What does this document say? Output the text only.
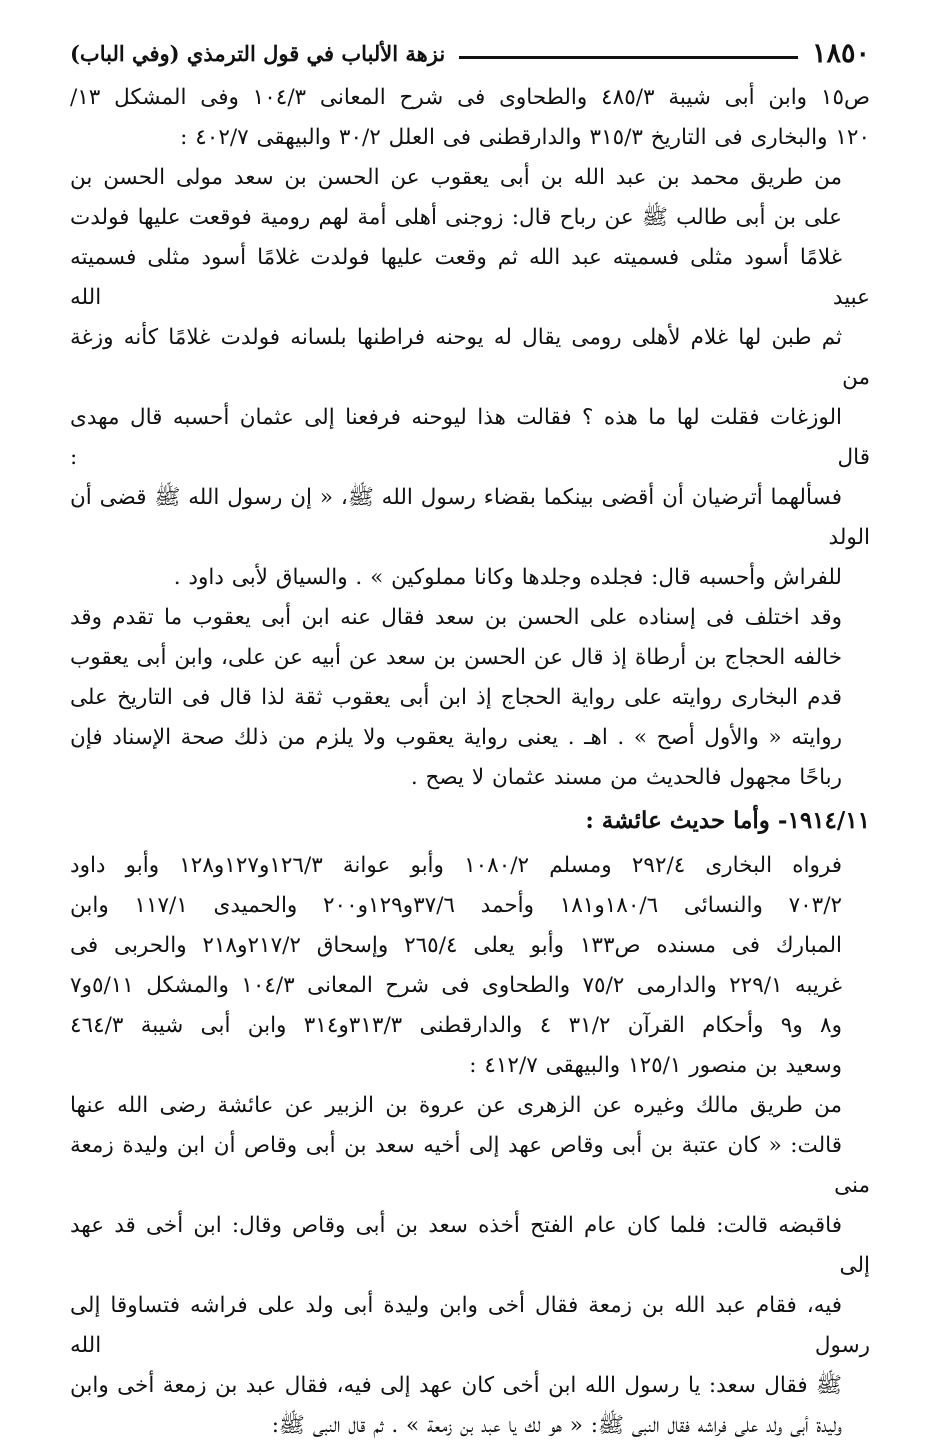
١٨٥٠
نزهة الألباب في قول الترمذي (وفي الباب)
ص١٥ وابن أبى شيبة ٤٨٥/٣ والطحاوى فى شرح المعانى ١٠٤/٣ وفى المشكل ١٣/
١٢٠ والبخارى فى التاريخ ٣١٥/٣ والدارقطنى فى العلل ٣٠/٢ والبيهقى ٤٠٢/٧ :
من طريق محمد بن عبد الله بن أبى يعقوب عن الحسن بن سعد مولى الحسن بن
على بن أبى طالب ﷺ عن رباح قال: زوجنى أهلى أمة لهم رومية فوقعت عليها فولدت
غلامًا أسود مثلى فسميته عبد الله ثم وقعت عليها فولدت غلامًا أسود مثلى فسميته عبيد الله
ثم طبن لها غلام لأهلى رومى يقال له يوحنه فراطنها بلسانه فولدت غلامًا كأنه وزغة من
الوزغات فقلت لها ما هذه ؟ فقالت هذا ليوحنه فرفعنا إلى عثمان أحسبه قال مهدى قال :
فسألهما أترضيان أن أقضى بينكما بقضاء رسول الله ﷺ، « إن رسول الله ﷺ قضى أن الولد
للفراش وأحسبه قال: فجلده وجلدها وكانا مملوكين » . والسياق لأبى داود .
وقد اختلف فى إسناده على الحسن بن سعد فقال عنه ابن أبى يعقوب ما تقدم وقد
خالفه الحجاج بن أرطاة إذ قال عن الحسن بن سعد عن أبيه عن على، وابن أبى يعقوب
قدم البخارى روايته على رواية الحجاج إذ ابن أبى يعقوب ثقة لذا قال فى التاريخ على
روايته « والأول أصح » . اهـ . يعنى رواية يعقوب ولا يلزم من ذلك صحة الإسناد فإن
رباحًا مجهول فالحديث من مسند عثمان لا يصح .
١٩١٤/١١- وأما حديث عائشة :
فرواه البخارى ٢٩٢/٤ ومسلم ١٠٨٠/٢ وأبو عوانة ١٢٦/٣و١٢٧و١٢٨ وأبو داود
٧٠٣/٢ والنسائى ١٨٠/٦و١٨١ وأحمد ٣٧/٦و١٢٩و٢٠٠ والحميدى ١١٧/١ وابن
المبارك فى مسنده ص١٣٣ وأبو يعلى ٢٦٥/٤ وإسحاق ٢١٧/٢و٢١٨ والحربى فى
غريبه ٢٢٩/١ والدارمى ٧٥/٢ والطحاوى فى شرح المعانى ١٠٤/٣ والمشكل ٥/١١و٧
و٨ و٩ وأحكام القرآن ٣١/٢ ٤ والدارقطنى ٣١٣/٣و٣١٤ وابن أبى شيبة ٤٦٤/٣
وسعيد بن منصور ١٢٥/١ والبيهقى ٤١٢/٧ :
من طريق مالك وغيره عن الزهرى عن عروة بن الزبير عن عائشة رضى الله عنها
قالت: « كان عتبة بن أبى وقاص عهد إلى أخيه سعد بن أبى وقاص أن ابن وليدة زمعة منى
فاقبضه قالت: فلما كان عام الفتح أخذه سعد بن أبى وقاص وقال: ابن أخى قد عهد إلى
فيه، فقام عبد الله بن زمعة فقال أخى وابن وليدة أبى ولد على فراشه فتساوقا إلى رسول الله
ﷺ فقال سعد: يا رسول الله ابن أخى كان عهد إلى فيه، فقال عبد بن زمعة أخى وابن
وليدة أبى ولد على فراشه فقال النبى ﷺ: « هو لك يا عبد بن زمعة » . ثم قال النبى ﷺ:
